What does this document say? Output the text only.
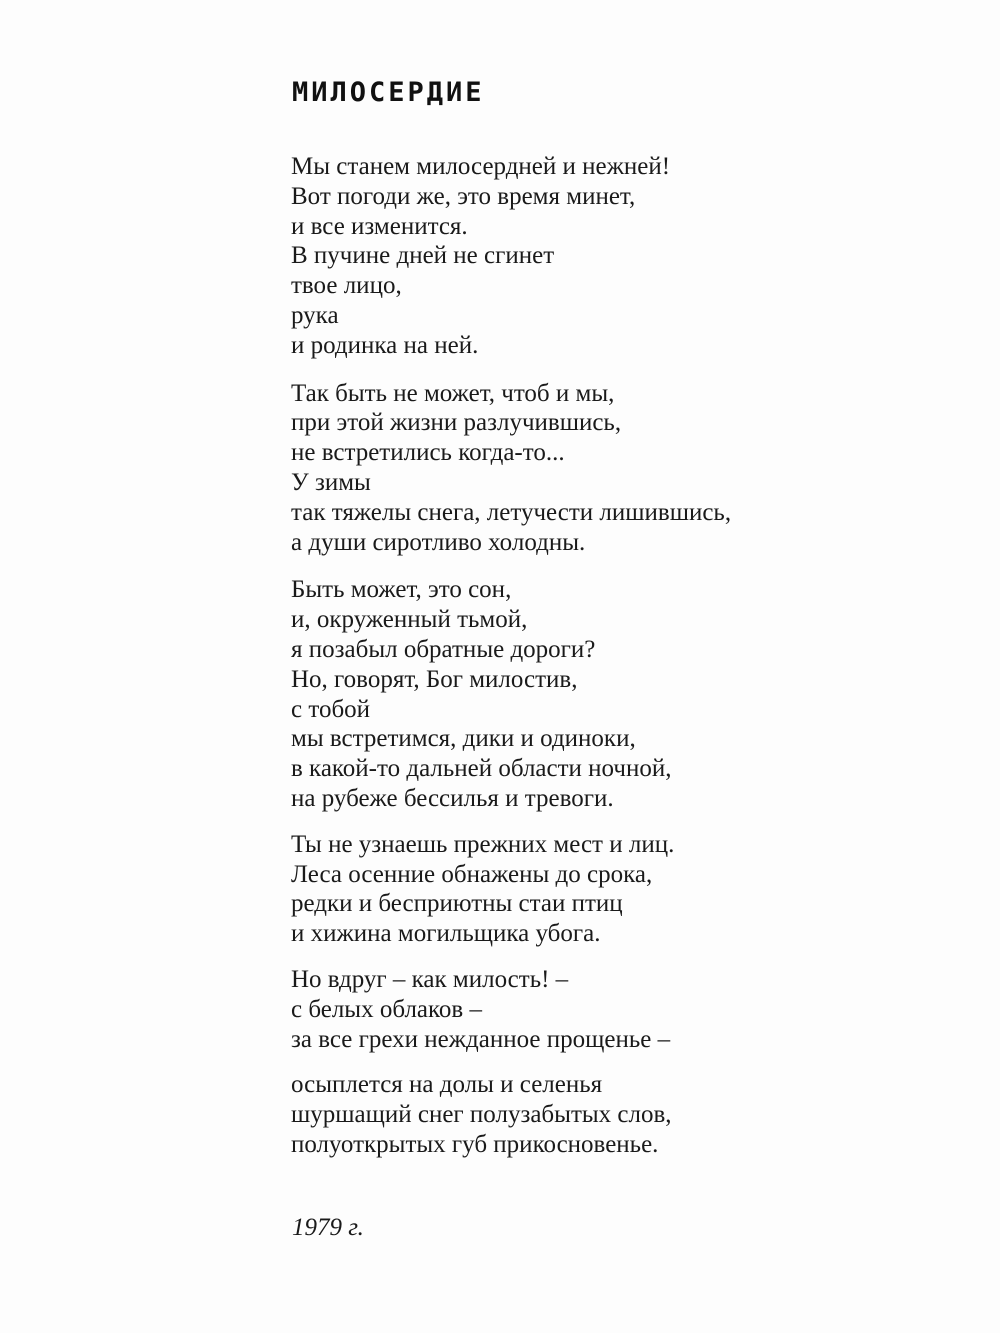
МИЛОСЕРДИЕ
Мы станем милосердней и нежней!
Вот погоди же, это время минет,
и все изменится.
В пучине дней не сгинет
твое лицо,
рука
и родинка на ней.
Так быть не может, чтоб и мы,
при этой жизни разлучившись,
не встретились когда-то...
У зимы
так тяжелы снега, летучести лишившись,
а души сиротливо холодны.
Быть может, это сон,
и, окруженный тьмой,
я позабыл обратные дороги?
Но, говорят, Бог милостив,
с тобой
мы встретимся, дики и одиноки,
в какой-то дальней области ночной,
на рубеже бессилья и тревоги.
Ты не узнаешь прежних мест и лиц.
Леса осенние обнажены до срока,
редки и бесприютны стаи птиц
и хижина могильщика убога.
Но вдруг – как милость! –
с белых облаков –
за все грехи нежданное прощенье –
осыплется на долы и селенья
шуршащий снег полузабытых слов,
полуоткрытых губ прикосновенье.
1979 г.
